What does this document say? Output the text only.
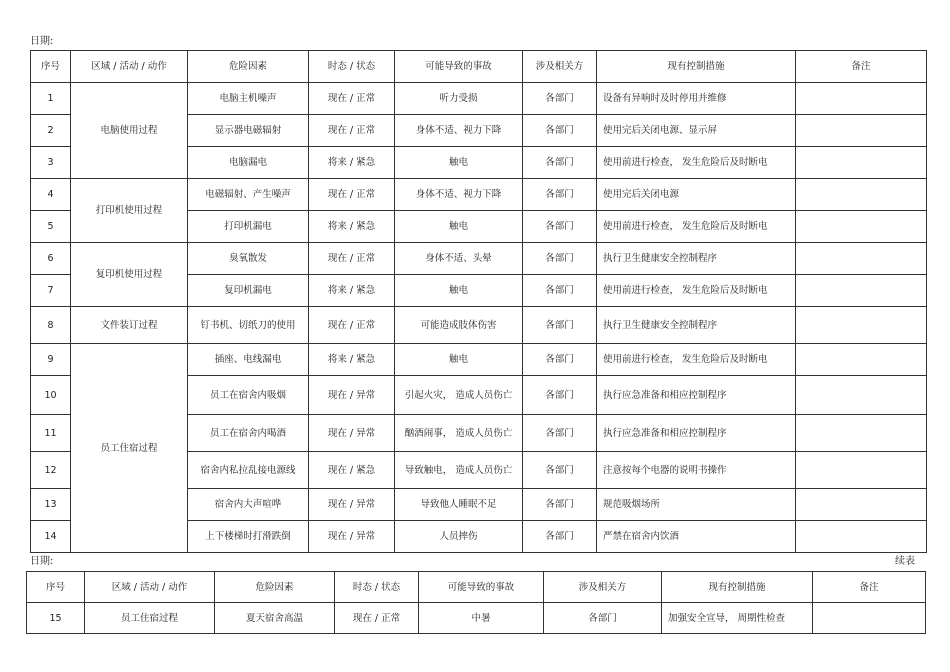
日期:
序号	区域 / 活动 / 动作	危险因素	时态 / 状态	可能导致的事故	涉及相关方	现有控制措施	备注
1	电脑使用过程	电脑主机噪声	现在 / 正常	听力受损	各部门	设备有异响时及时停用并维修	
2		显示器电磁辐射	现在 / 正常	身体不适、视力下降	各部门	使用完后关闭电源、显示屏	
3		电脑漏电	将来 / 紧急	触电	各部门	使用前进行检查， 发生危险后及时断电	
4	打印机使用过程	电磁辐射、产生噪声	现在 / 正常	身体不适、视力下降	各部门	使用完后关闭电源	
5		打印机漏电	将来 / 紧急	触电	各部门	使用前进行检查， 发生危险后及时断电	
6	复印机使用过程	臭氧散发	现在 / 正常	身体不适、头晕	各部门	执行卫生健康安全控制程序	
7		复印机漏电	将来 / 紧急	触电	各部门	使用前进行检查， 发生危险后及时断电	
8	文件装订过程	钉书机、切纸刀的使用	现在 / 正常	可能造成肢体伤害	各部门	执行卫生健康安全控制程序	
9	员工住宿过程	插座、电线漏电	将来 / 紧急	触电	各部门	使用前进行检查， 发生危险后及时断电	
10		员工在宿舍内吸烟	现在 / 异常	引起火灾， 造成人员伤亡	各部门	执行应急准备和相应控制程序	
11		员工在宿舍内喝酒	现在 / 异常	酗酒闹事， 造成人员伤亡	各部门	执行应急准备和相应控制程序	
12		宿舍内私拉乱接电源线	现在 / 紧急	导致触电， 造成人员伤亡	各部门	注意按每个电器的说明书操作	
13		宿舍内大声喧哗	现在 / 异常	导致他人睡眠不足	各部门	规范吸烟场所	
14		上下楼梯时打滑跌倒	现在 / 异常	人员摔伤	各部门	严禁在宿舍内饮酒	
日期:	续表
序号	区域 / 活动 / 动作	危险因素	时态 / 状态	可能导致的事故	涉及相关方	现有控制措施	备注
15	员工住宿过程	夏天宿舍高温	现在 / 正常	中暑	各部门	加强安全宣导， 周期性检查	
